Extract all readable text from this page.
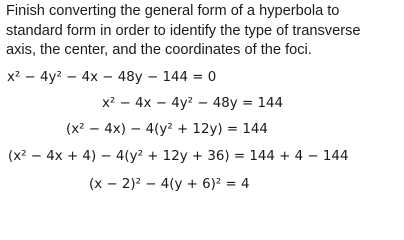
Finish converting the general form of a hyperbola to
standard form in order to identify the type of transverse
axis, the center, and the coordinates of the foci.
x² − 4y² − 4x − 48y − 144 = 0
x² − 4x − 4y² − 48y = 144
(x² − 4x) − 4(y² + 12y) = 144
(x² − 4x + 4) − 4(y² + 12y + 36) = 144 + 4 − 144
(x − 2)² − 4(y + 6)² = 4
